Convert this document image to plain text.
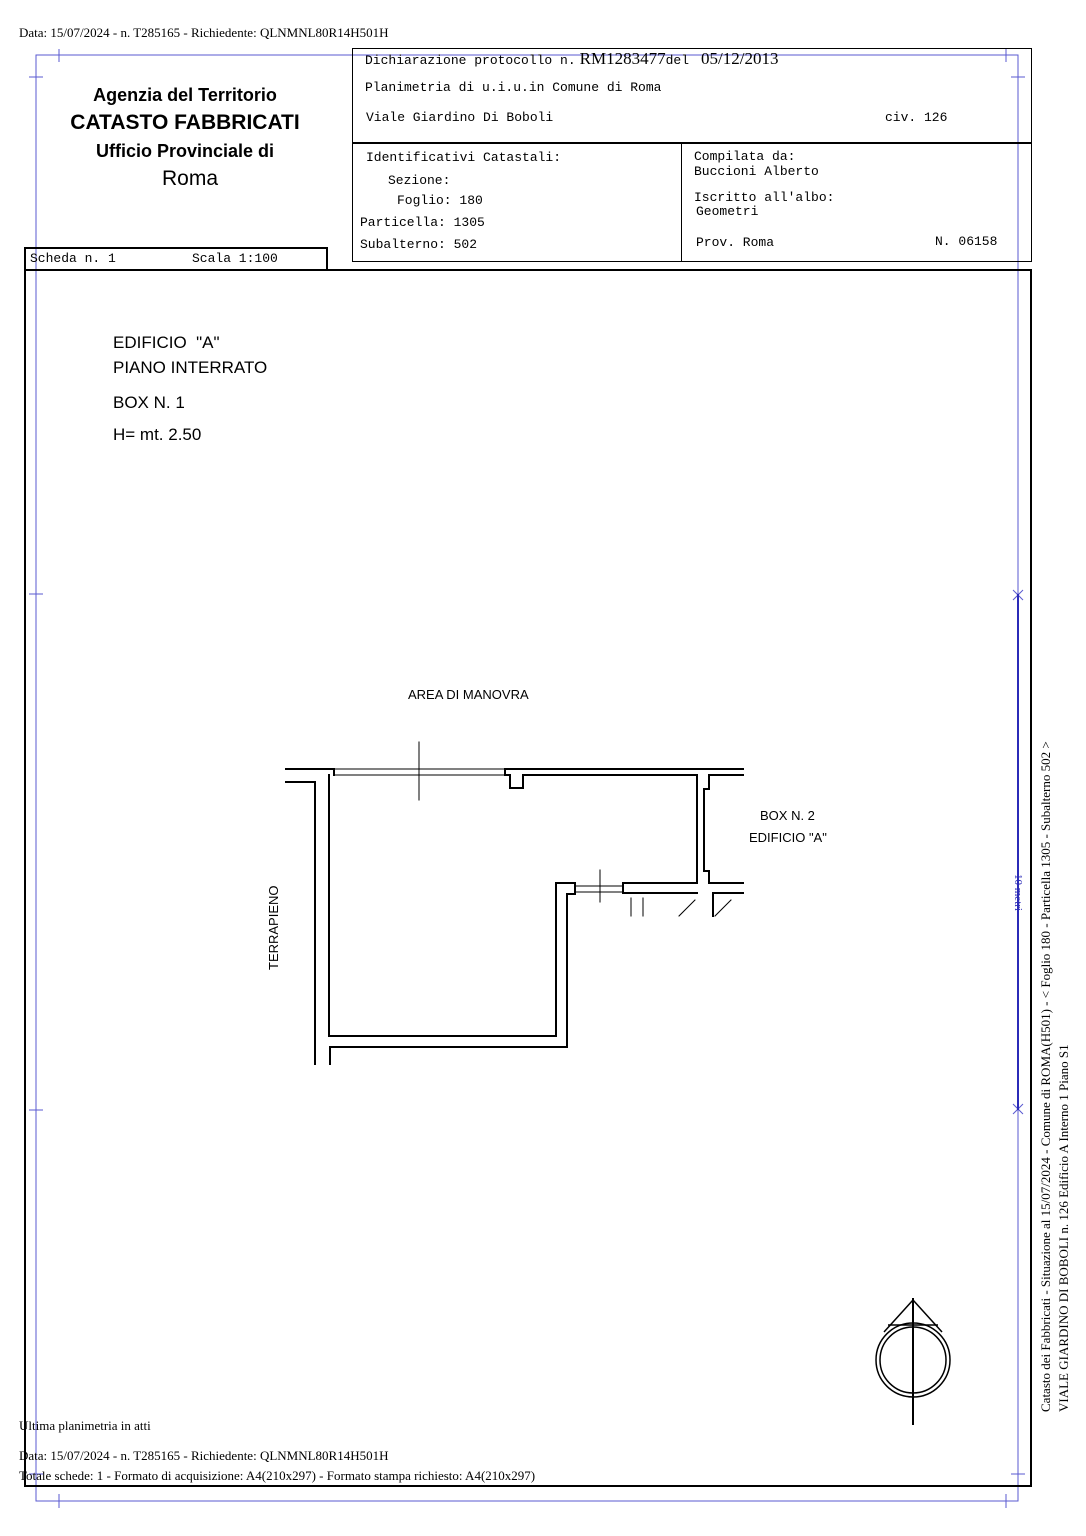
Data: 15/07/2024 - n. T285165 - Richiedente: QLNMNL80R14H501H
Agenzia del Territorio
CATASTO FABBRICATI
Ufficio Provinciale di
Roma
Dichiarazione protocollo n. RM1283477del 05/12/2013
Planimetria di u.i.u.in Comune di Roma
Viale Giardino Di Boboli	civ. 126
Identificativi Catastali:
Sezione:
Foglio: 180
Particella: 1305
Subalterno: 502
Compilata da:
Buccioni Alberto
Iscritto all'albo:
Geometri
Prov. Roma	N. 06158
Scheda n. 1	Scala 1:100
EDIFICIO  "A"
PIANO INTERRATO
BOX N. 1
H= mt. 2.50
AREA DI MANOVRA
BOX N. 2
EDIFICIO "A"
TERRAPIENO	10 metri Catasto dei Fabbricati - Situazione al 15/07/2024 - Comune di ROMA(H501) - < Foglio 180 - Particella 1305 - Subalterno 502 > VIALE GIARDINO DI BOBOLI n. 126 Edificio A Interno 1 Piano S1
Ultima planimetria in atti
Data: 15/07/2024 - n. T285165 - Richiedente: QLNMNL80R14H501H
Totale schede: 1 - Formato di acquisizione: A4(210x297) - Formato stampa richiesto: A4(210x297)
